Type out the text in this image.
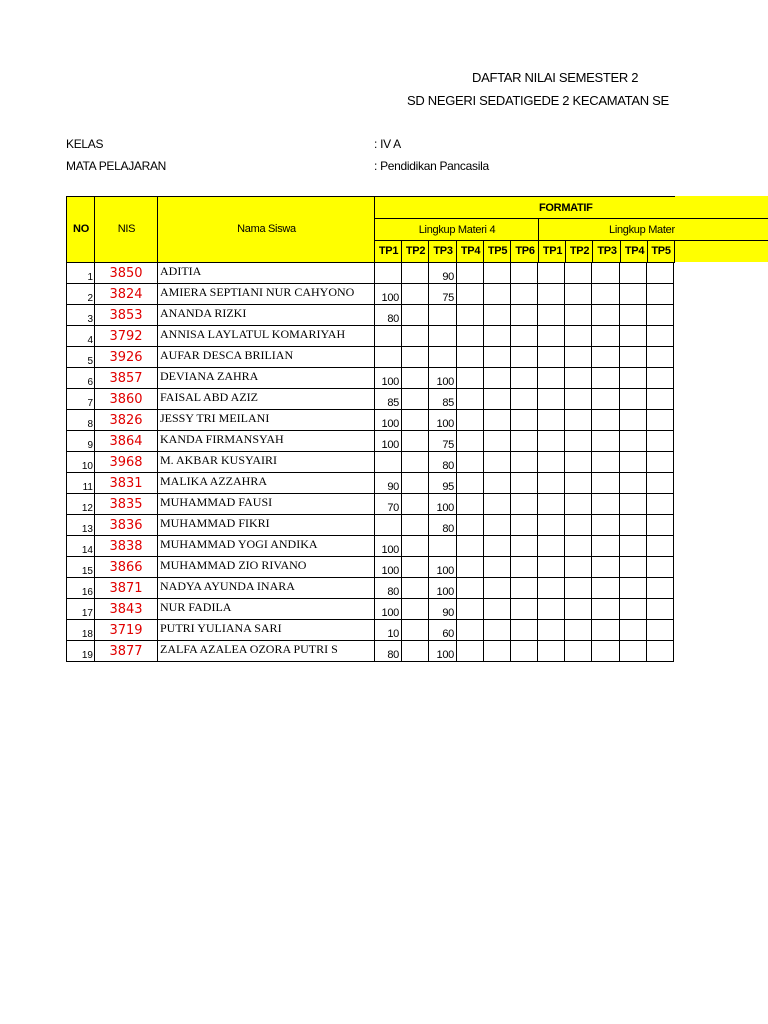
DAFTAR NILAI SEMESTER 2
SD NEGERI SEDATIGEDE 2 KECAMATAN SE
KELAS	: IV A
MATA PELAJARAN	: Pendidikan Pancasila
NO	NIS	Nama Siswa
FORMATIF
Lingkup Materi 4	Lingkup Mater
TP1 TP2 TP3 TP4 TP5 TP6 TP1 TP2 TP3 TP4 TP5
1	3850	ADITIA			90								
2	3824	AMIERA SEPTIANI NUR CAHYONO	100		75								
3	3853	ANANDA RIZKI	80										
4	3792	ANNISA LAYLATUL KOMARIYAH											
5	3926	AUFAR DESCA BRILIAN											
6	3857	DEVIANA ZAHRA	100		100								
7	3860	FAISAL ABD AZIZ	85		85								
8	3826	JESSY TRI MEILANI	100		100								
9	3864	KANDA FIRMANSYAH	100		75								
10	3968	M. AKBAR KUSYAIRI			80								
11	3831	MALIKA AZZAHRA	90		95								
12	3835	MUHAMMAD FAUSI	70		100								
13	3836	MUHAMMAD FIKRI			80								
14	3838	MUHAMMAD YOGI ANDIKA	100										
15	3866	MUHAMMAD ZIO RIVANO	100		100								
16	3871	NADYA AYUNDA INARA	80		100								
17	3843	NUR FADILA	100		90								
18	3719	PUTRI YULIANA SARI	10		60								
19	3877	ZALFA AZALEA OZORA PUTRI S	80		100								
